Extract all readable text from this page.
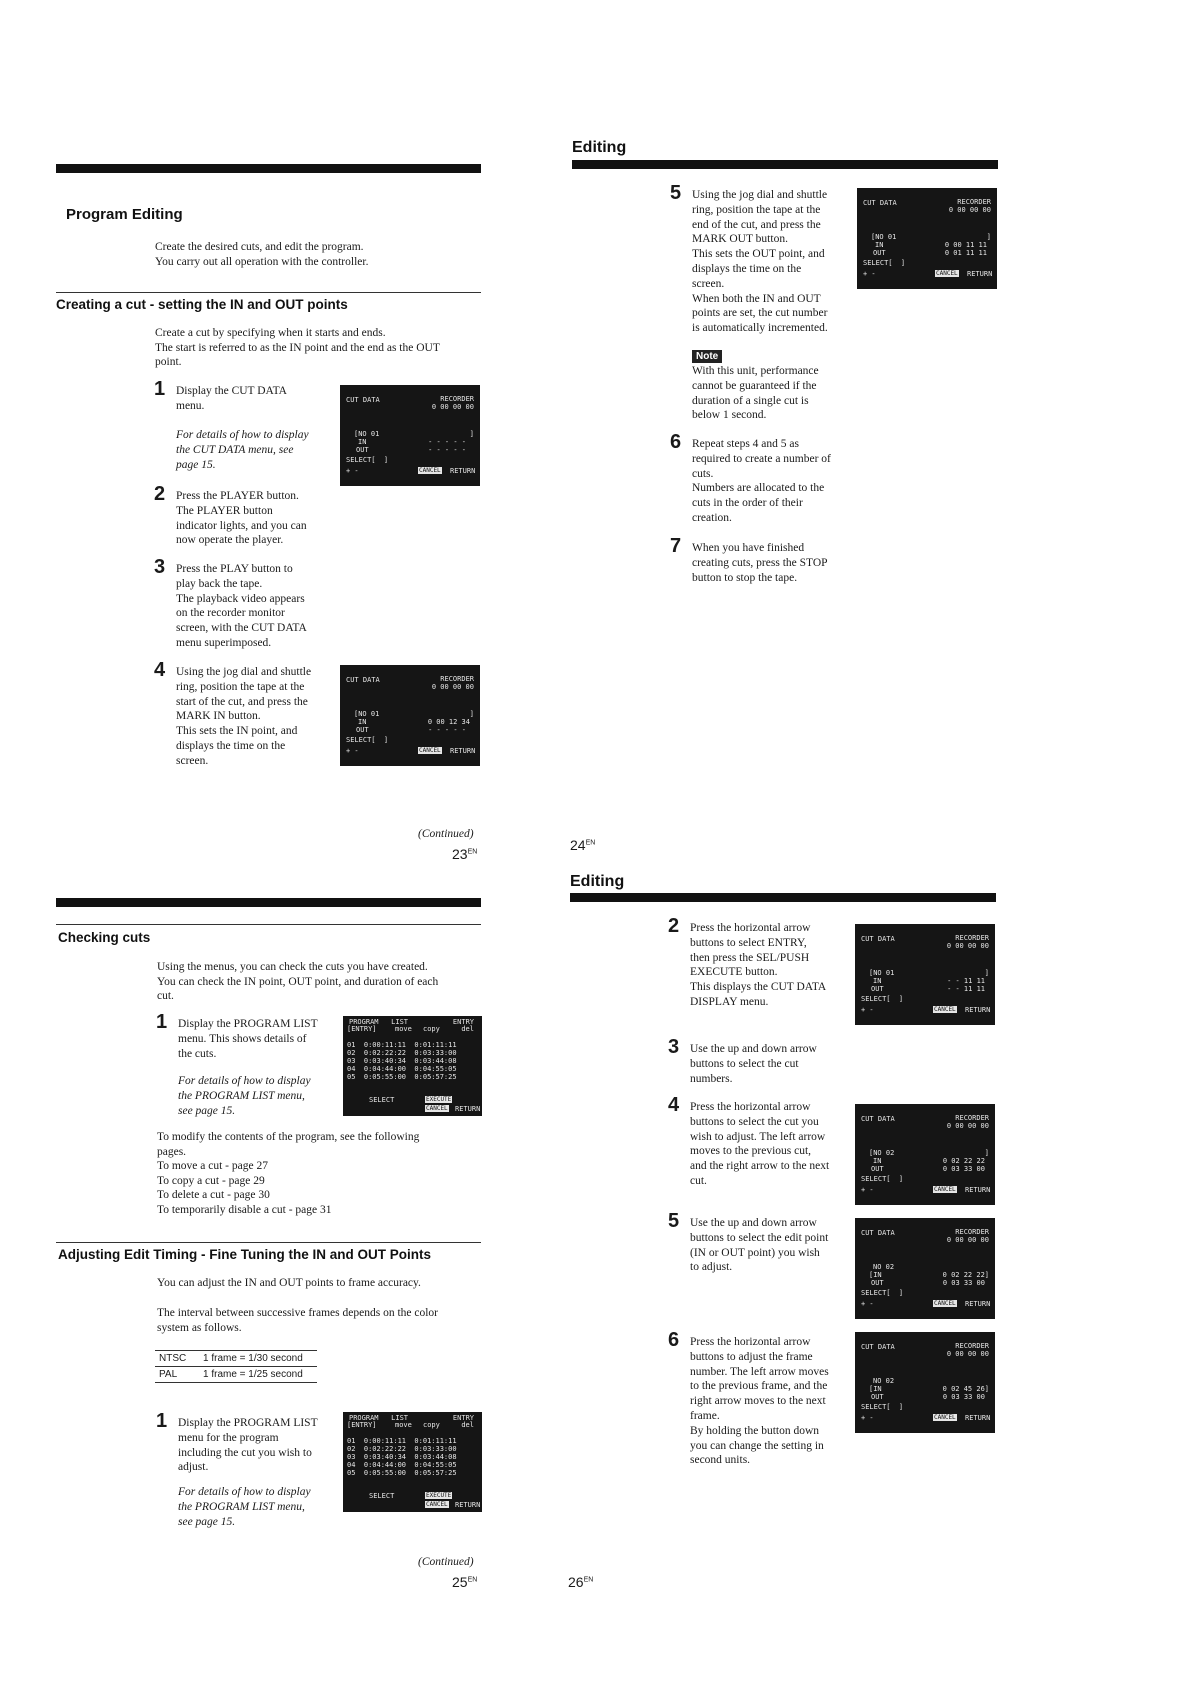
Program Editing
Create the desired cuts, and edit the program.
You carry out all operation with the controller.
Creating a cut - setting the IN and OUT points
Create a cut by specifying when it starts and ends.
The start is referred to as the IN point and the end as the OUT
point.
1 Display the CUT DATA
menu.
For details of how to display
the CUT DATA menu, see
page 15.
2 Press the PLAYER button.
The PLAYER button
indicator lights, and you can
now operate the player.
3 Press the PLAY button to
play back the tape.
The playback video appears
on the recorder monitor
screen, with the CUT DATA
menu superimposed.
4 Using the jog dial and shuttle
ring, position the tape at the
start of the cut, and press the
MARK IN button.
This sets the IN point, and
displays the time on the
screen.
CUT DATA	RECORDER
0 00 00 00
[NO 01	]
IN	- - - - -
OUT	- - - - -
SELECT[  ]
+ -	CANCEL RETURN
CUT DATA	RECORDER
0 00 00 00
[NO 01	]
IN	0 00 12 34
OUT	- - - - -
SELECT[  ]
+ -	CANCEL RETURN
(Continued)
$23^{EN}$
Editing
5 Using the jog dial and shuttle
ring, position the tape at the
end of the cut, and press the
MARK OUT button.
This sets the OUT point, and
displays the time on the
screen.
When both the IN and OUT
points are set, the cut number
is automatically incremented.
Note
With this unit, performance
cannot be guaranteed if the
duration of a single cut is
below 1 second.
6 Repeat steps 4 and 5 as
required to create a number of
cuts.
Numbers are allocated to the
cuts in the order of their
creation.
7 When you have finished
creating cuts, press the STOP
button to stop the tape.
CUT DATA	RECORDER
0 00 00 00
[NO 01	]
IN	0 00 11 11
OUT	0 01 11 11
SELECT[  ]
+ -	CANCEL RETURN
$24^{EN}$
Checking cuts
Using the menus, you can check the cuts you have created.
You can check the IN point, OUT point, and duration of each
cut.
1 Display the PROGRAM LIST
menu. This shows details of
the cuts.
For details of how to display
the PROGRAM LIST menu,
see page 15.
PROGRAM   LIST	ENTRY
[ENTRY]	move copy	del
01  0:00:11:11  0:01:11:11
02  0:02:22:22  0:03:33:00
03  0:03:40:34  0:03:44:08
04  0:04:44:00  0:04:55:05
05  0:05:55:00  0:05:57:25
SELECT	EXECUTE
CANCEL RETURN
To modify the contents of the program, see the following
pages.
To move a cut - page 27
To copy a cut - page 29
To delete a cut - page 30
To temporarily disable a cut - page 31
Adjusting Edit Timing - Fine Tuning the IN and OUT Points
You can adjust the IN and OUT points to frame accuracy.
The interval between successive frames depends on the color
system as follows.
NTSC	1 frame = 1/30 second
PAL	1 frame = 1/25 second
1 Display the PROGRAM LIST
menu for the program
including the cut you wish to
adjust.
For details of how to display
the PROGRAM LIST menu,
see page 15.
PROGRAM   LIST	ENTRY
[ENTRY]	move copy	del
01  0:00:11:11  0:01:11:11
02  0:02:22:22  0:03:33:00
03  0:03:40:34  0:03:44:08
04  0:04:44:00  0:04:55:05
05  0:05:55:00  0:05:57:25
SELECT	EXECUTE
CANCEL RETURN
(Continued)
$25^{EN}$
Editing
2 Press the horizontal arrow
buttons to select ENTRY,
then press the SEL/PUSH
EXECUTE button.
This displays the CUT DATA
DISPLAY menu.
3 Use the up and down arrow
buttons to select the cut
numbers.
4 Press the horizontal arrow
buttons to select the cut you
wish to adjust. The left arrow
moves to the previous cut,
and the right arrow to the next
cut.
5 Use the up and down arrow
buttons to select the edit point
(IN or OUT point) you wish
to adjust.
6 Press the horizontal arrow
buttons to adjust the frame
number. The left arrow moves
to the previous frame, and the
right arrow moves to the next
frame.
By holding the button down
you can change the setting in
second units.
CUT DATA	RECORDER
0 00 00 00
[NO 01	]
IN	- - 11 11
OUT	- - 11 11
SELECT[  ]
+ -	CANCEL RETURN
CUT DATA	RECORDER
0 00 00 00
[NO 02	]
IN	0 02 22 22
OUT	0 03 33 00
SELECT[  ]
+ -	CANCEL RETURN
CUT DATA	RECORDER
0 00 00 00
NO 02
[IN	0 02 22 22]
OUT	0 03 33 00
SELECT[  ]
+ -	CANCEL RETURN
CUT DATA	RECORDER
0 00 00 00
NO 02
[IN	0 02 45 26]
OUT	0 03 33 00
SELECT[  ]
+ -	CANCEL RETURN
$26^{EN}$
